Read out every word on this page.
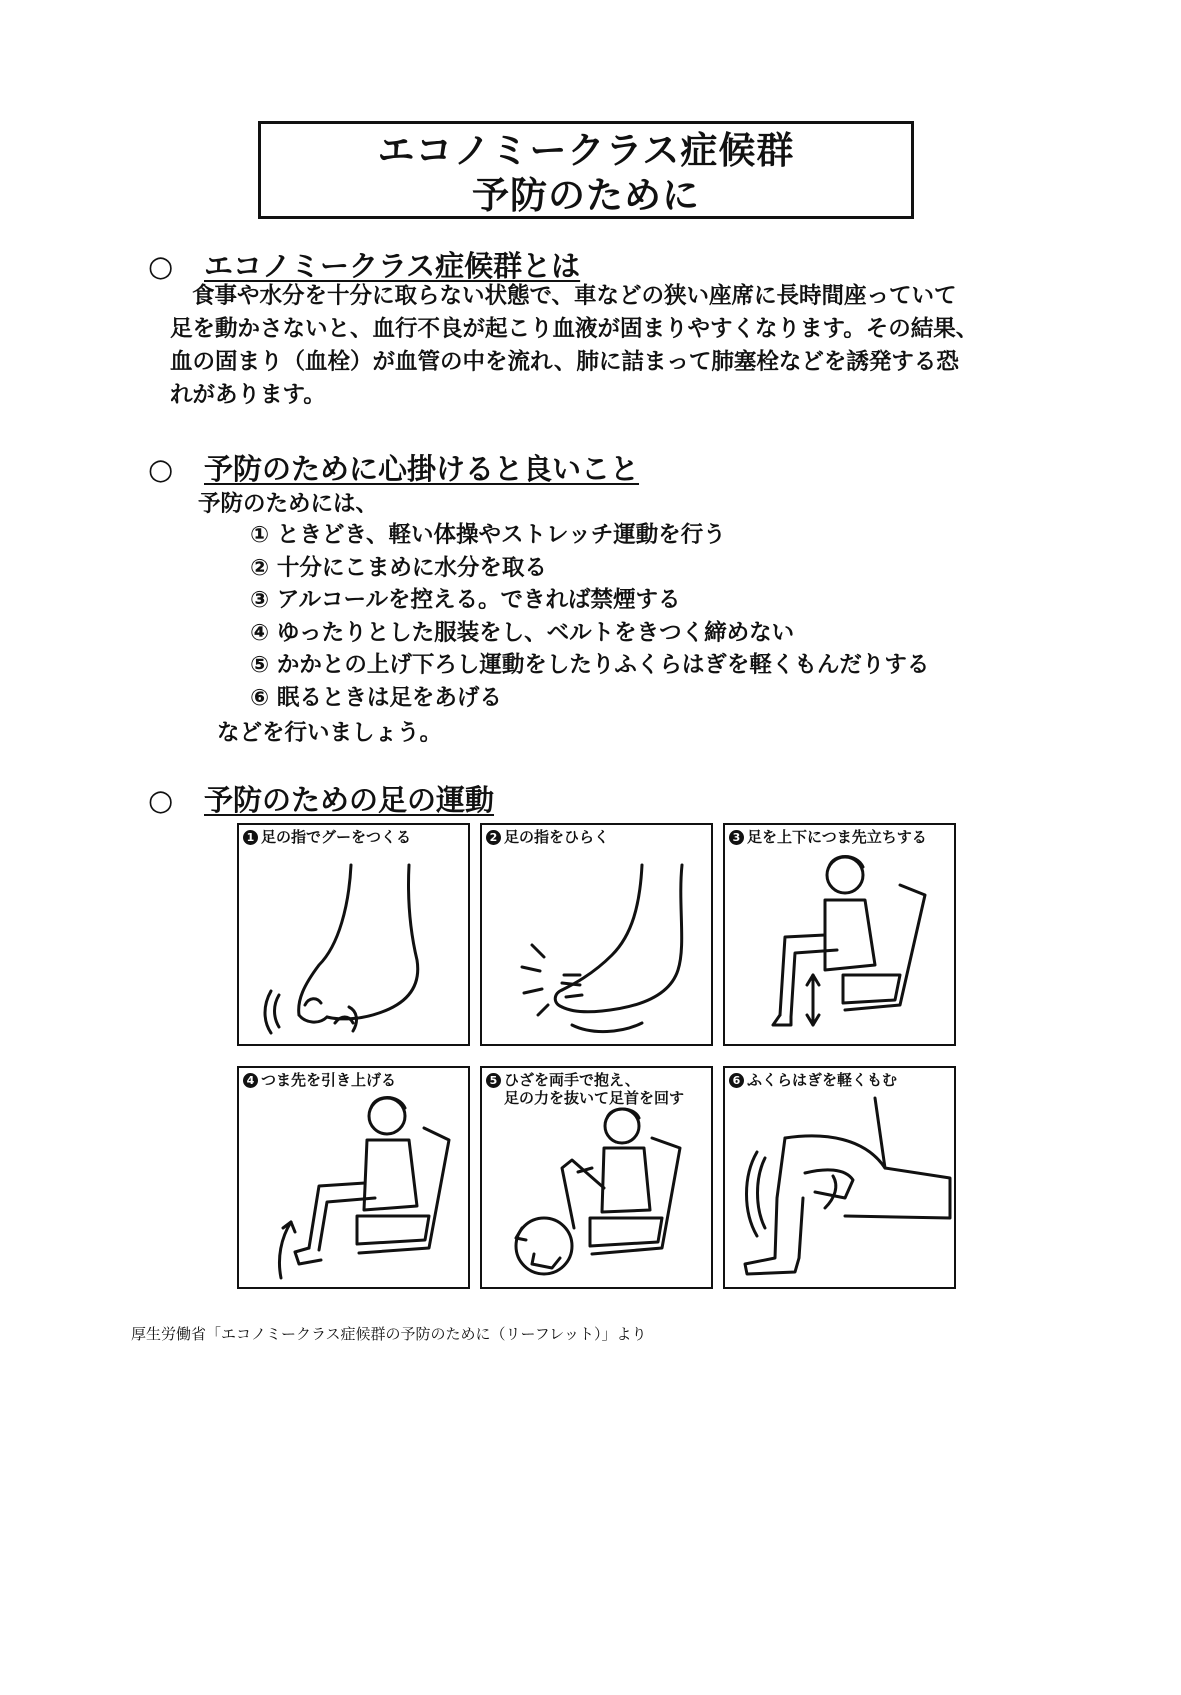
エコノミークラス症候群
予防のために
○ エコノミークラス症候群とは
食事や水分を十分に取らない状態で、車などの狭い座席に長時間座っていて
足を動かさないと、血行不良が起こり血液が固まりやすくなります。その結果、
血の固まり（血栓）が血管の中を流れ、肺に詰まって肺塞栓などを誘発する恐
れがあります。
○ 予防のために心掛けると良いこと
予防のためには、
① ときどき、軽い体操やストレッチ運動を行う
② 十分にこまめに水分を取る
③ アルコールを控える。できれば禁煙する
④ ゆったりとした服装をし、ベルトをきつく締めない
⑤ かかとの上げ下ろし運動をしたりふくらはぎを軽くもんだりする
⑥ 眠るときは足をあげる
などを行いましょう。
○ 予防のための足の運動
1 足の指でグーをつくる	2 足の指をひらく	3 足を上下につま先立ちする
4 つま先を引き上げる	5 ひざを両手で抱え、
足の力を抜いて足首を回す
6 ふくらはぎを軽くもむ
厚生労働省「エコノミークラス症候群の予防のために（リーフレット）」より
